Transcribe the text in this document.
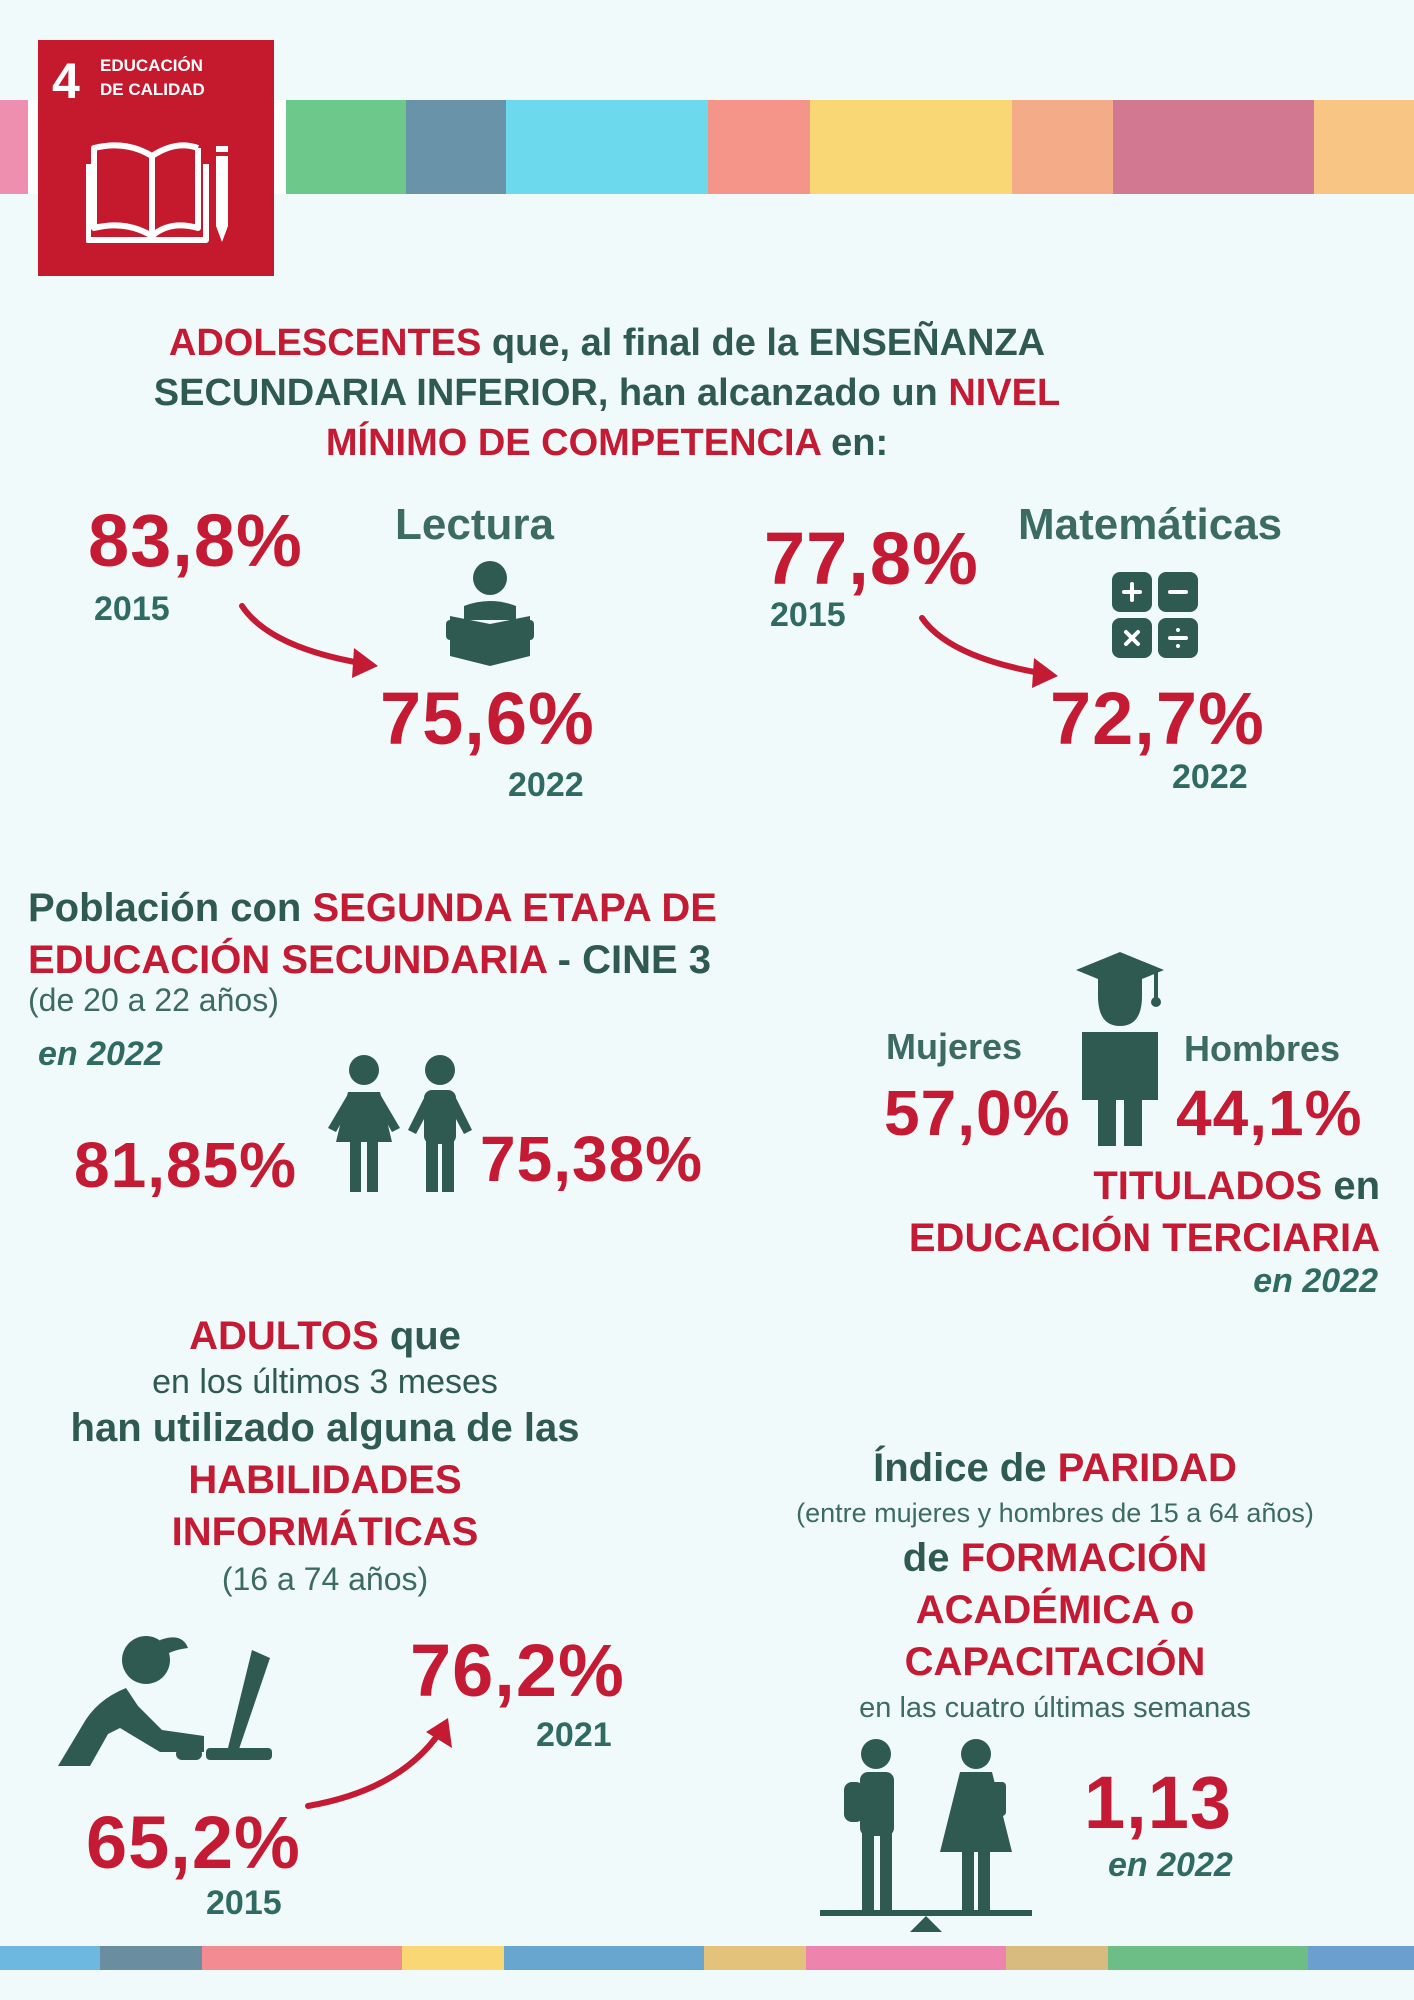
4 EDUCACIÓN
DE CALIDAD
ADOLESCENTES que, al final de la ENSEÑANZA
SECUNDARIA INFERIOR, han alcanzado un NIVEL
MÍNIMO DE COMPETENCIA en:
83,8%
2015
Lectura
75,6%
2022
77,8%
2015
Matemáticas
72,7%
2022
Población con SEGUNDA ETAPA DE
EDUCACIÓN SECUNDARIA - CINE 3
(de 20 a 22 años)
en 2022
81,85%	75,38%
Mujeres	Hombres
57,0% 44,1%
TITULADOS en
EDUCACIÓN TERCIARIA
en 2022
ADULTOS que
en los últimos 3 meses
han utilizado alguna de las
HABILIDADES
INFORMÁTICAS
(16 a 74 años)
76,2%
2021
65,2%
2015
Índice de PARIDAD
(entre mujeres y hombres de 15 a 64 años)
de FORMACIÓN
ACADÉMICA o
CAPACITACIÓN
en las cuatro últimas semanas
1,13
en 2022
